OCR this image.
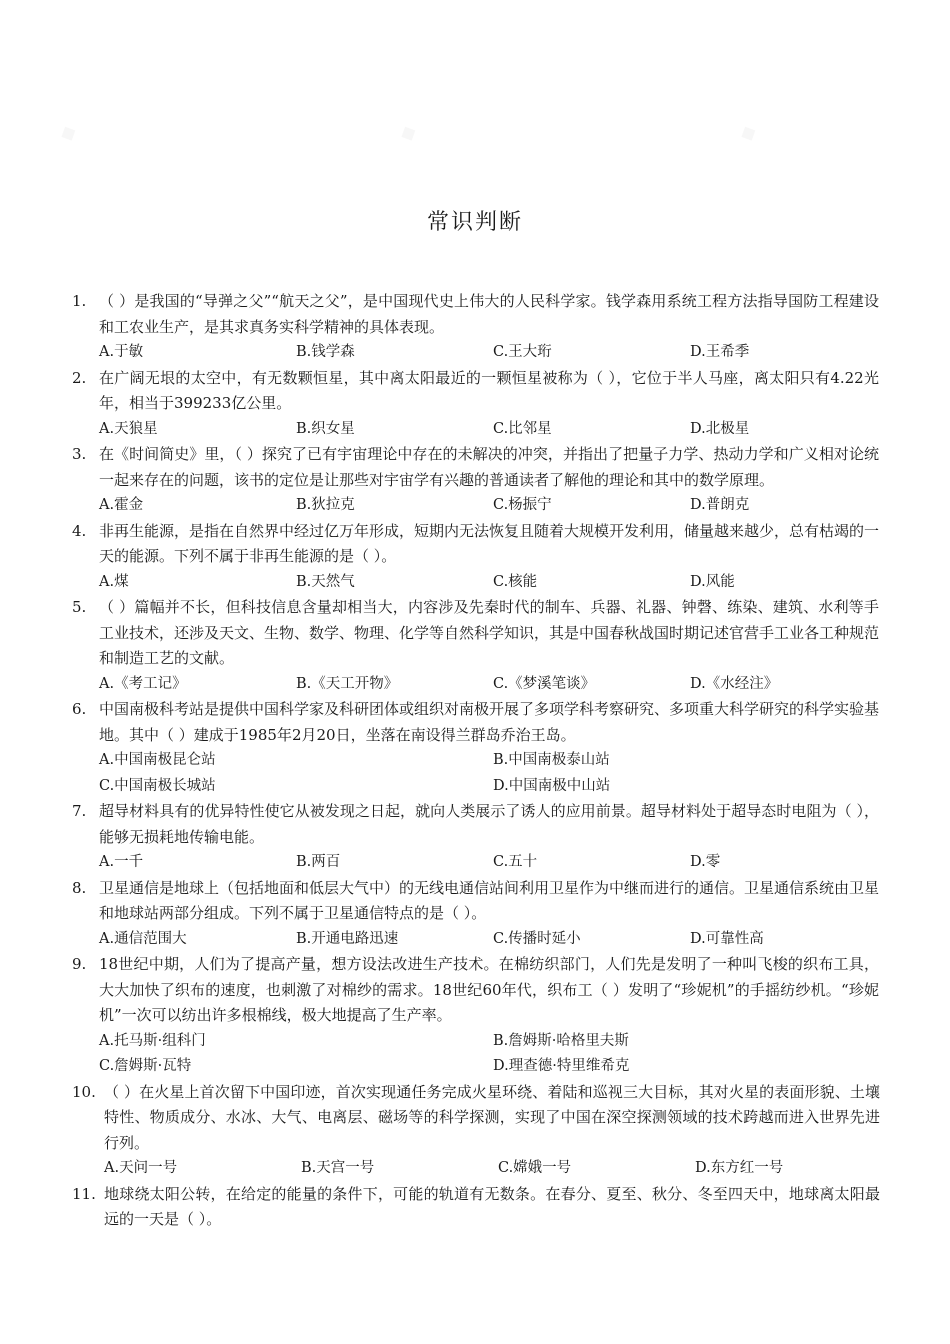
◆	◆	◆
常识判断
1. （ ）是我国的“导弹之父”“航天之父”，是中国现代史上伟大的人民科学家。钱学森用系统工程方法指导国防工程建设和工农业生产，是其求真务实科学精神的具体表现。
A.于敏	B.钱学森	C.王大珩	D.王希季
2. 在广阔无垠的太空中，有无数颗恒星，其中离太阳最近的一颗恒星被称为（ ），它位于半人马座，离太阳只有4.22光年，相当于399233亿公里。
A.天狼星	B.织女星	C.比邻星	D.北极星
3. 在《时间简史》里，（ ）探究了已有宇宙理论中存在的未解决的冲突，并指出了把量子力学、热动力学和广义相对论统一起来存在的问题，该书的定位是让那些对宇宙学有兴趣的普通读者了解他的理论和其中的数学原理。
A.霍金	B.狄拉克	C.杨振宁	D.普朗克
4. 非再生能源，是指在自然界中经过亿万年形成，短期内无法恢复且随着大规模开发利用，储量越来越少，总有枯竭的一天的能源。下列不属于非再生能源的是（ ）。
A.煤	B.天然气	C.核能	D.风能
5. （ ）篇幅并不长，但科技信息含量却相当大，内容涉及先秦时代的制车、兵器、礼器、钟磬、练染、建筑、水利等手工业技术，还涉及天文、生物、数学、物理、化学等自然科学知识，其是中国春秋战国时期记述官营手工业各工种规范和制造工艺的文献。
A.《考工记》	B.《天工开物》	C.《梦溪笔谈》	D.《水经注》
6. 中国南极科考站是提供中国科学家及科研团体或组织对南极开展了多项学科考察研究、多项重大科学研究的科学实验基地。其中（ ）建成于1985年2月20日，坐落在南设得兰群岛乔治王岛。
A.中国南极昆仑站	B.中国南极泰山站
C.中国南极长城站	D.中国南极中山站
7. 超导材料具有的优异特性使它从被发现之日起，就向人类展示了诱人的应用前景。超导材料处于超导态时电阻为（ ），能够无损耗地传输电能。
A.一千	B.两百	C.五十	D.零
8. 卫星通信是地球上（包括地面和低层大气中）的无线电通信站间利用卫星作为中继而进行的通信。卫星通信系统由卫星和地球站两部分组成。下列不属于卫星通信特点的是（ ）。
A.通信范围大	B.开通电路迅速	C.传播时延小	D.可靠性高
9. 18世纪中期，人们为了提高产量，想方设法改进生产技术。在棉纺织部门，人们先是发明了一种叫飞梭的织布工具，大大加快了织布的速度，也刺激了对棉纱的需求。18世纪60年代，织布工（ ）发明了“珍妮机”的手摇纺纱机。“珍妮机”一次可以纺出许多根棉线，极大地提高了生产率。
A.托马斯·组科门	B.詹姆斯·哈格里夫斯
C.詹姆斯·瓦特	D.理查德·特里维希克
10. （ ）在火星上首次留下中国印迹，首次实现通任务完成火星环绕、着陆和巡视三大目标，其对火星的表面形貌、土壤特性、物质成分、水冰、大气、电离层、磁场等的科学探测，实现了中国在深空探测领域的技术跨越而进入世界先进行列。
A.天问一号	B.天宫一号	C.嫦娥一号	D.东方红一号
11. 地球绕太阳公转，在给定的能量的条件下，可能的轨道有无数条。在春分、夏至、秋分、冬至四天中，地球离太阳最远的一天是（ ）。
